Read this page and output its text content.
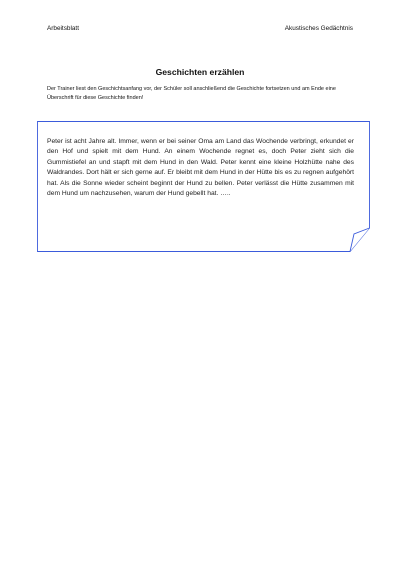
Arbeitsblatt	Akustisches Gedächtnis
Geschichten erzählen
Der Trainer liest den Geschichtsanfang vor, der Schüler soll anschließend die Geschichte fortsetzen und am Ende eine Überschrift für diese Geschichte finden!
Peter ist acht Jahre alt. Immer, wenn er bei seiner Oma am Land das Wochende verbringt, erkundet er den Hof und spielt mit dem Hund. An einem Wochende regnet es, doch Peter zieht sich die Gummistiefel an und stapft mit dem Hund in den Wald. Peter kennt eine kleine Holzhütte nahe des Waldrandes. Dort hält er sich gerne auf. Er bleibt mit dem Hund in der Hütte bis es zu regnen aufgehört hat. Als die Sonne wieder scheint beginnt der Hund zu bellen. Peter verlässt die Hütte zusammen mit dem Hund um nachzusehen, warum der Hund gebellt hat. …..
